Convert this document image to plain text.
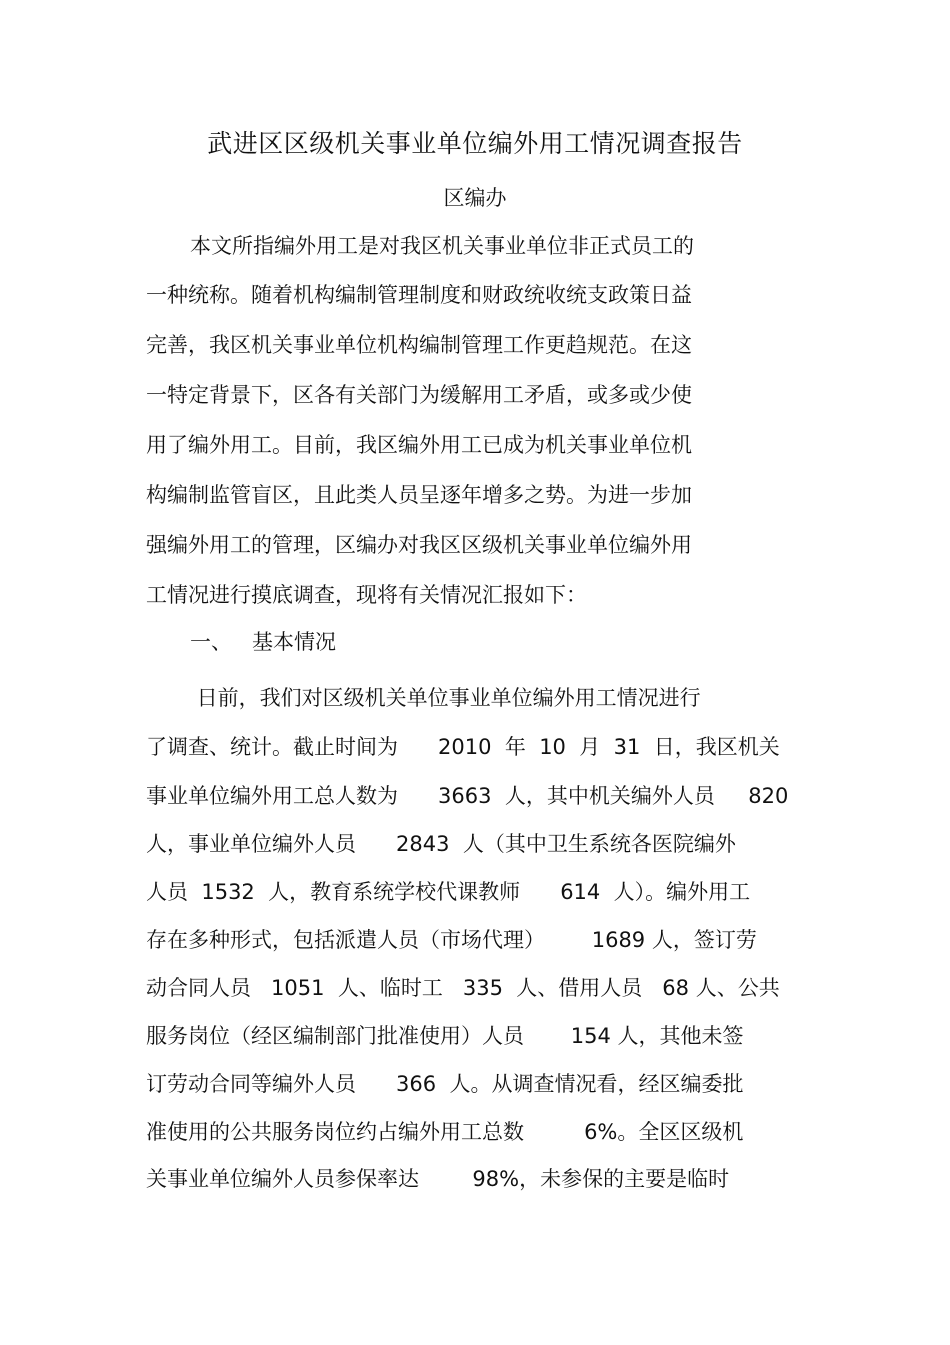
武进区区级机关事业单位编外用工情况调查报告
区编办
本文所指编外用工是对我区机关事业单位非正式员工的
一种统称。随着机构编制管理制度和财政统收统支政策日益
完善，我区机关事业单位机构编制管理工作更趋规范。在这
一特定背景下，区各有关部门为缓解用工矛盾，或多或少使
用了编外用工。目前，我区编外用工已成为机关事业单位机
构编制监管盲区，且此类人员呈逐年增多之势。为进一步加
强编外用工的管理，区编办对我区区级机关事业单位编外用
工情况进行摸底调查，现将有关情况汇报如下：
一、   基本情况
日前，我们对区级机关单位事业单位编外用工情况进行
了调查、统计。截止时间为      2010  年  10  月  31  日，我区机关
事业单位编外用工总人数为      3663  人，其中机关编外人员     820
人，事业单位编外人员      2843  人（其中卫生系统各医院编外
人员  1532  人，教育系统学校代课教师      614  人）。编外用工
存在多种形式，包括派遣人员（市场代理）       1689 人，签订劳
动合同人员   1051  人、临时工   335  人、借用人员   68 人、公共
服务岗位（经区编制部门批准使用）人员       154 人，其他未签
订劳动合同等编外人员      366  人。从调查情况看，经区编委批
准使用的公共服务岗位约占编外用工总数         6%。全区区级机
关事业单位编外人员参保率达        98%，未参保的主要是临时
